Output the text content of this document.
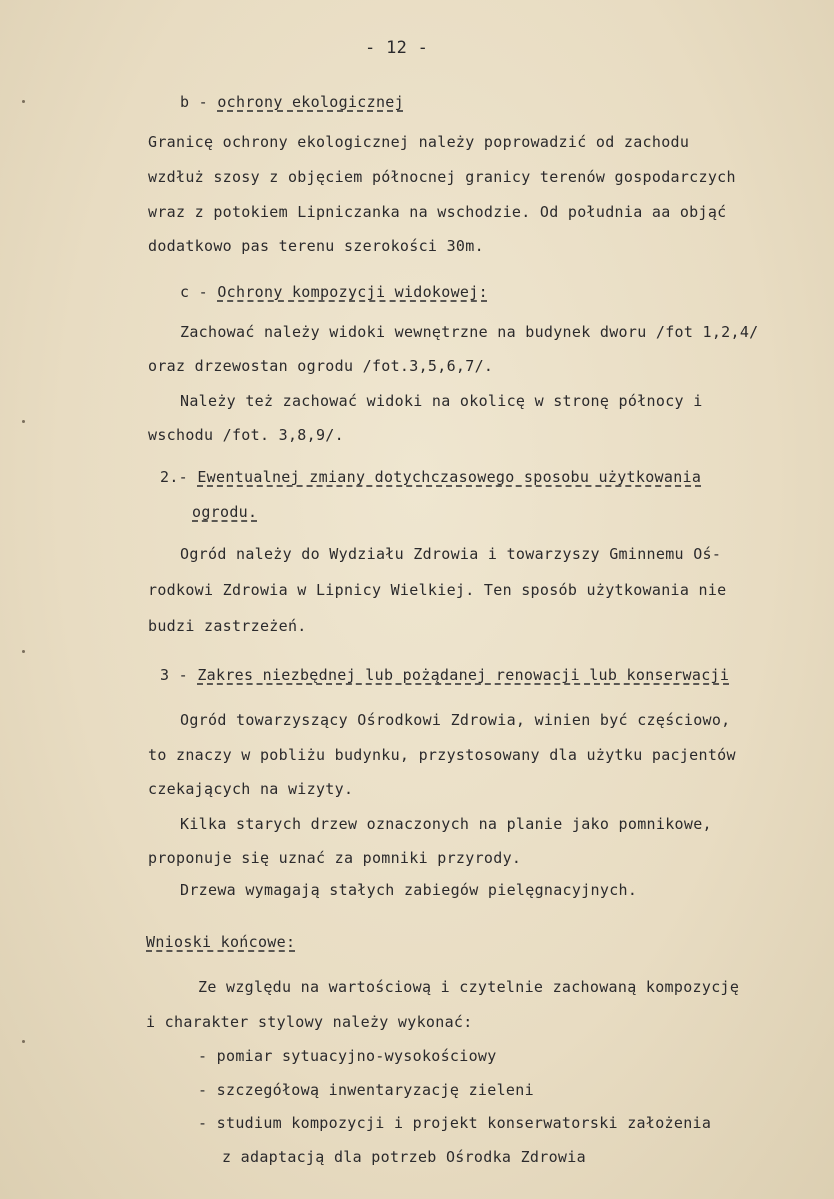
- 12 -
b - ochrony ekologicznej
Granicę ochrony ekologicznej należy poprowadzić od zachodu
wzdłuż szosy z objęciem północnej granicy terenów gospodarczych
wraz z potokiem Lipniczanka na wschodzie. Od południa aa objąć
dodatkowo pas terenu szerokości 30m.
c - Ochrony kompozycji widokowej:
Zachować należy widoki wewnętrzne na budynek dworu /fot 1,2,4/
oraz drzewostan ogrodu /fot.3,5,6,7/.
Należy też zachować widoki na okolicę w stronę północy i
wschodu /fot. 3,8,9/.
2.- Ewentualnej zmiany dotychczasowego sposobu użytkowania
ogrodu.
Ogród należy do Wydziału Zdrowia i towarzyszy Gminnemu Oś-
rodkowi Zdrowia w Lipnicy Wielkiej. Ten sposób użytkowania nie
budzi zastrzeżeń.
3 - Zakres niezbędnej lub pożądanej renowacji lub konserwacji
Ogród towarzyszący Ośrodkowi Zdrowia, winien być częściowo,
to znaczy w pobliżu budynku, przystosowany dla użytku pacjentów
czekających na wizyty.
Kilka starych drzew oznaczonych na planie jako pomnikowe,
proponuje się uznać za pomniki przyrody.
Drzewa wymagają stałych zabiegów pielęgnacyjnych.
Wnioski końcowe:
Ze względu na wartościową i czytelnie zachowaną kompozycję
i charakter stylowy należy wykonać:
- pomiar sytuacyjno-wysokościowy
- szczegółową inwentaryzację zieleni
- studium kompozycji i projekt konserwatorski założenia
z adaptacją dla potrzeb Ośrodka Zdrowia
